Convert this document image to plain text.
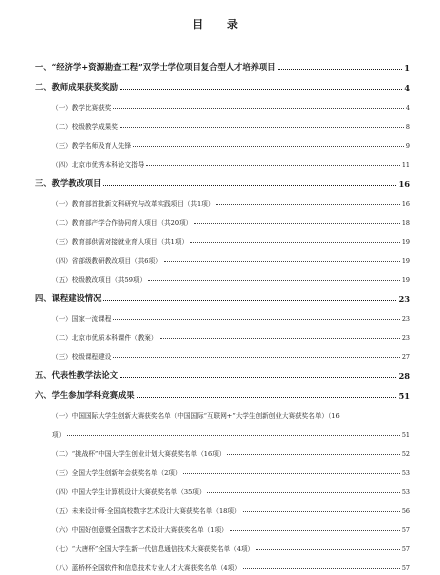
目 录
一、“经济学+资源勘查工程”双学士学位项目复合型人才培养项目	1
二、教师成果获奖奖励	4
（一）教学比赛获奖	4
（二）校级教学成果奖	8
（三）教学名师及育人先锋	9
（四）北京市优秀本科论文指导	11
三、教学教改项目	16
（一）教育部首批新文科研究与改革实践项目（共1项）	16
（二）教育部产学合作协同育人项目（共20项）	18
（三）教育部供需对接就业育人项目（共1项）	19
（四）省部级教研教改项目（共6项）	19
（五）校级教改项目（共59项）	19
四、课程建设情况	23
（一）国家一流课程	23
（二）北京市优质本科课件（教案）	23
（三）校级课程建设	27
五、代表性教学法论文	28
六、学生参加学科竞赛成果	51
（一）中国国际大学生创新大赛获奖名单（中国国际“互联网+”大学生创新创业大赛获奖名单）（16
项）	51
（二）“挑战杯”中国大学生创业计划大赛获奖名单（16项）	52
（三）全国大学生创新年会获奖名单（2项）	53
（四）中国大学生计算机设计大赛获奖名单（35项）	53
（五）未来设计师·全国高校数字艺术设计大赛获奖名单（18项）	56
（六）中国好创意暨全国数字艺术设计大赛获奖名单（1项）	57
（七）“大唐杯”全国大学生新一代信息通信技术大赛获奖名单（4项）	57
（八）蓝桥杯全国软件和信息技术专业人才大赛获奖名单（4项）	57
